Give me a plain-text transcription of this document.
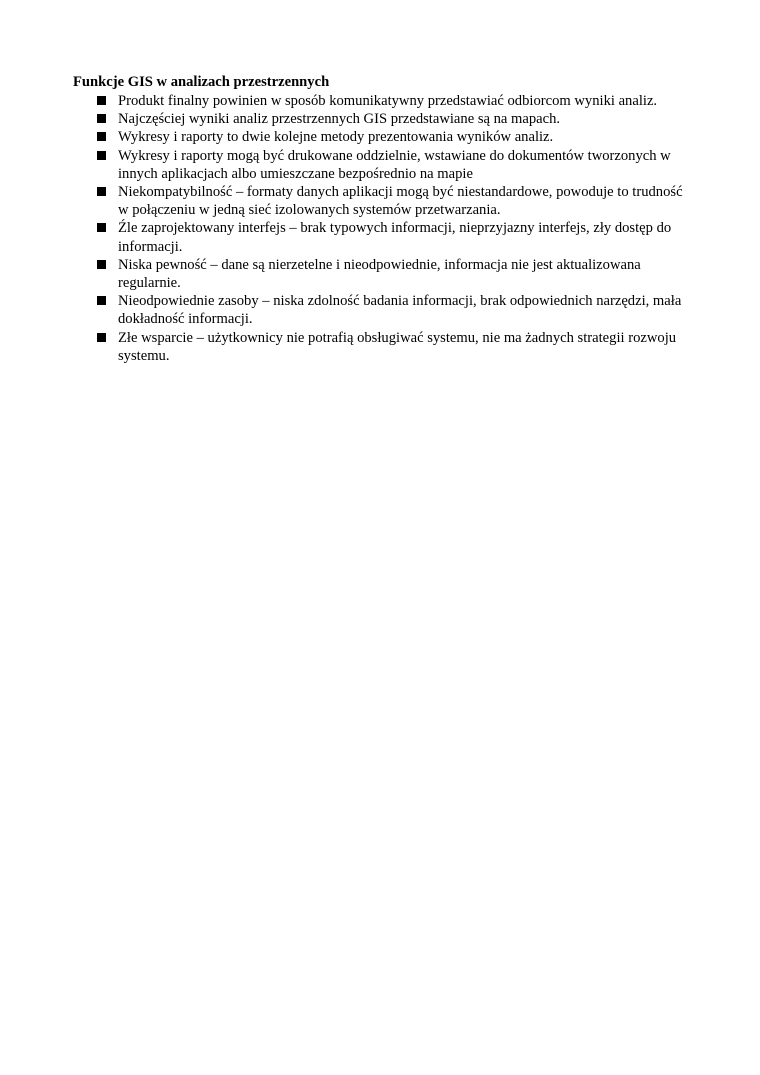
Funkcje GIS w analizach przestrzennych

Produkt finalny powinien w sposób komunikatywny przedstawiać odbiorcom wyniki analiz.
Najczęściej wyniki analiz przestrzennych GIS przedstawiane są na mapach.
Wykresy i raporty to dwie kolejne metody prezentowania wyników analiz.
Wykresy i raporty mogą być drukowane oddzielnie, wstawiane do dokumentów tworzonych w innych aplikacjach albo umieszczane bezpośrednio na mapie
Niekompatybilność – formaty danych aplikacji mogą być niestandardowe, powoduje to trudność w połączeniu w jedną sieć izolowanych systemów przetwarzania.
Źle zaprojektowany interfejs – brak typowych informacji, nieprzyjazny interfejs, zły dostęp do informacji.
Niska pewność – dane są nierzetelne i nieodpowiednie, informacja nie jest aktualizowana regularnie.
Nieodpowiednie zasoby – niska zdolność badania informacji, brak odpowiednich narzędzi, mała dokładność informacji.
Złe wsparcie – użytkownicy nie potrafią obsługiwać systemu, nie ma żadnych strategii rozwoju systemu.
